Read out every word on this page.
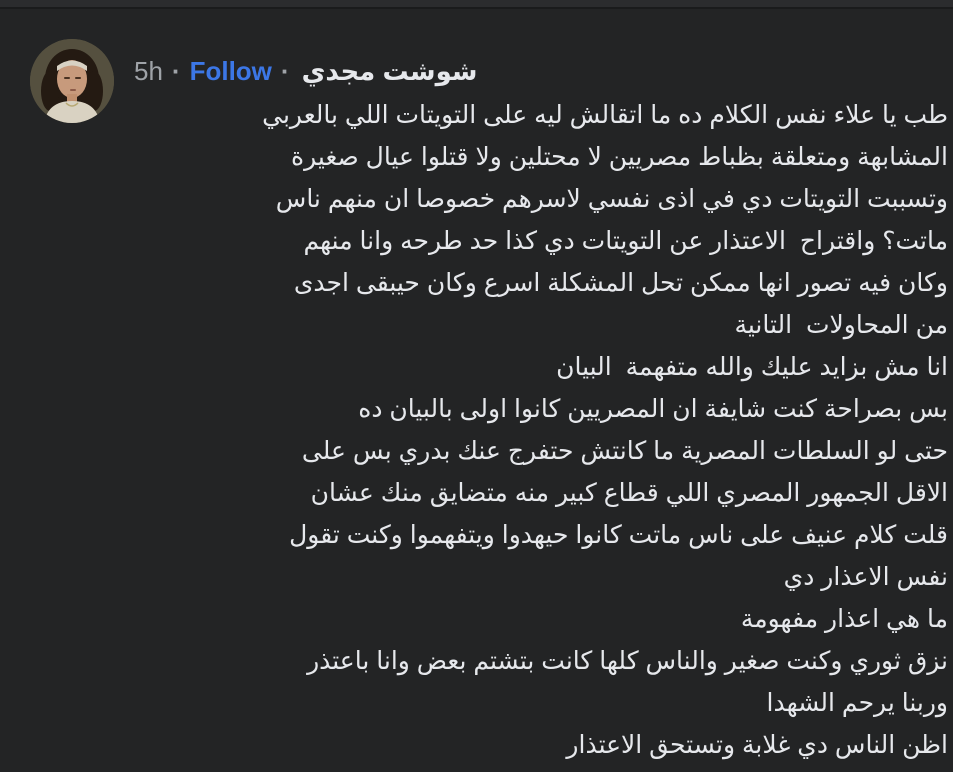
5h · Follow · شوشت مجدي
طب يا علاء نفس الكلام ده ما اتقالش ليه على التويتات اللي بالعربي
المشابهة ومتعلقة بظباط مصريين لا محتلين ولا قتلوا عيال صغيرة
وتسببت التويتات دي في اذى نفسي لاسرهم خصوصا ان منهم ناس
ماتت؟ واقتراح  الاعتذار عن التويتات دي كذا حد طرحه وانا منهم
وكان فيه تصور انها ممكن تحل المشكلة اسرع وكان حيبقى اجدى
من المحاولات  التانية
انا مش بزايد عليك والله متفهمة  البيان
بس بصراحة كنت شايفة ان المصريين كانوا اولى بالبيان ده
حتى لو السلطات المصرية ما كانتش حتفرج عنك بدري بس على
الاقل الجمهور المصري اللي قطاع كبير منه متضايق منك عشان
قلت كلام عنيف على ناس ماتت كانوا حيهدوا ويتفهموا وكنت تقول
نفس الاعذار دي
ما هي اعذار مفهومة
نزق ثوري وكنت صغير والناس كلها كانت بتشتم بعض وانا باعتذر
وربنا يرحم الشهدا
اظن الناس دي غلابة وتستحق الاعتذار
